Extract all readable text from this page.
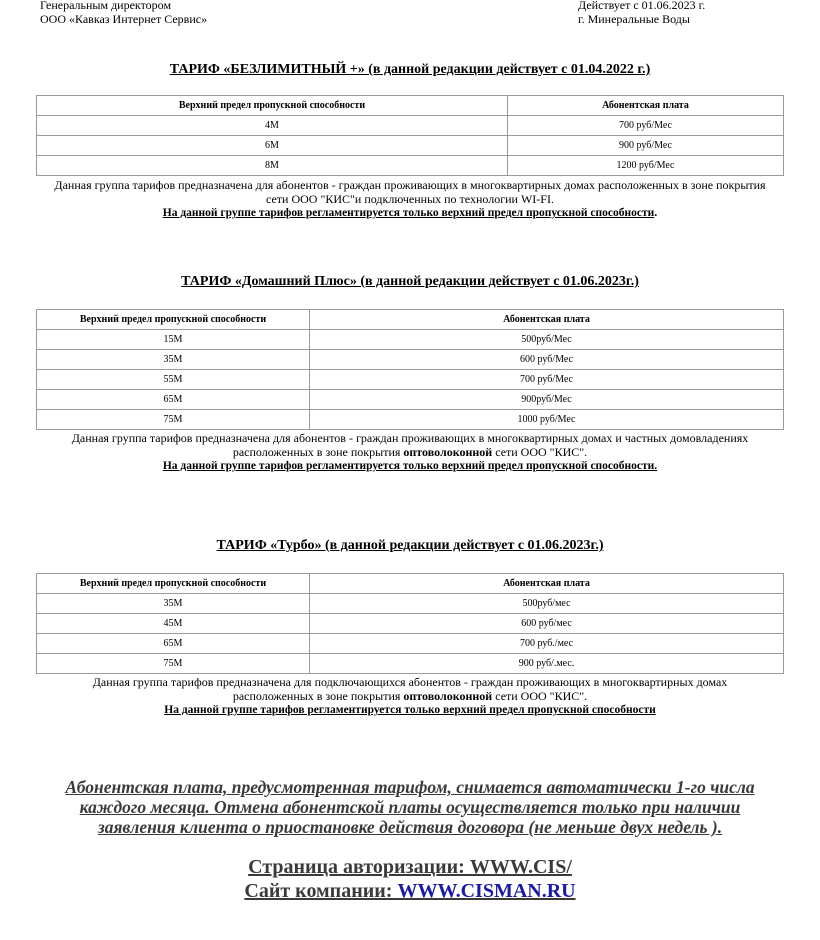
Генеральным директором
ООО «Кавказ Интернет Сервис»
Действует с 01.06.2023 г.
г. Минеральные Воды
ТАРИФ «БЕЗЛИМИТНЫЙ +» (в данной редакции действует с 01.04.2022 г.)
Верхний предел пропускной способности	Абонентская плата
4М	700 руб/Мес
6М	900 руб/Мес
8М	1200 руб/Мес
Данная группа тарифов предназначена для абонентов - граждан проживающих в многоквартирных домах расположенных в зоне покрытия
сети ООО "КИС"и подключенных по технологии WI-FI.
На данной группе тарифов регламентируется только верхний предел пропускной способности.
ТАРИФ «Домашний Плюс» (в данной редакции действует с 01.06.2023г.)
Верхний предел пропускной способности	Абонентская плата
15М	500руб/Мес
35М	600 руб/Мес
55М	700 руб/Мес
65М	900руб/Мес
75М	1000 руб/Мес
Данная группа тарифов предназначена для абонентов - граждан проживающих в многоквартирных домах и частных домовладениях
расположенных в зоне покрытия оптоволоконной сети ООО "КИС".
На данной группе тарифов регламентируется только верхний предел пропускной способности.
ТАРИФ «Турбо» (в данной редакции действует с 01.06.2023г.)
Верхний предел пропускной способности	Абонентская плата
35М	500руб/мес
45М	600 руб/мес
65М	700 руб./мес
75М	900 руб/.мес.
Данная группа тарифов предназначена для подключающихся абонентов - граждан проживающих в многоквартирных домах
расположенных в зоне покрытия оптоволоконной сети ООО "КИС".
На данной группе тарифов регламентируется только верхний предел пропускной способности
Абонентская плата, предусмотренная тарифом, снимается автоматически 1-го числа
каждого месяца. Отмена абонентской платы осуществляется только при наличии
заявления клиента о приостановке действия договора (не меньше двух недель ).
Страница авторизации: WWW.CIS/
Сайт компании: WWW.CISMAN.RU
